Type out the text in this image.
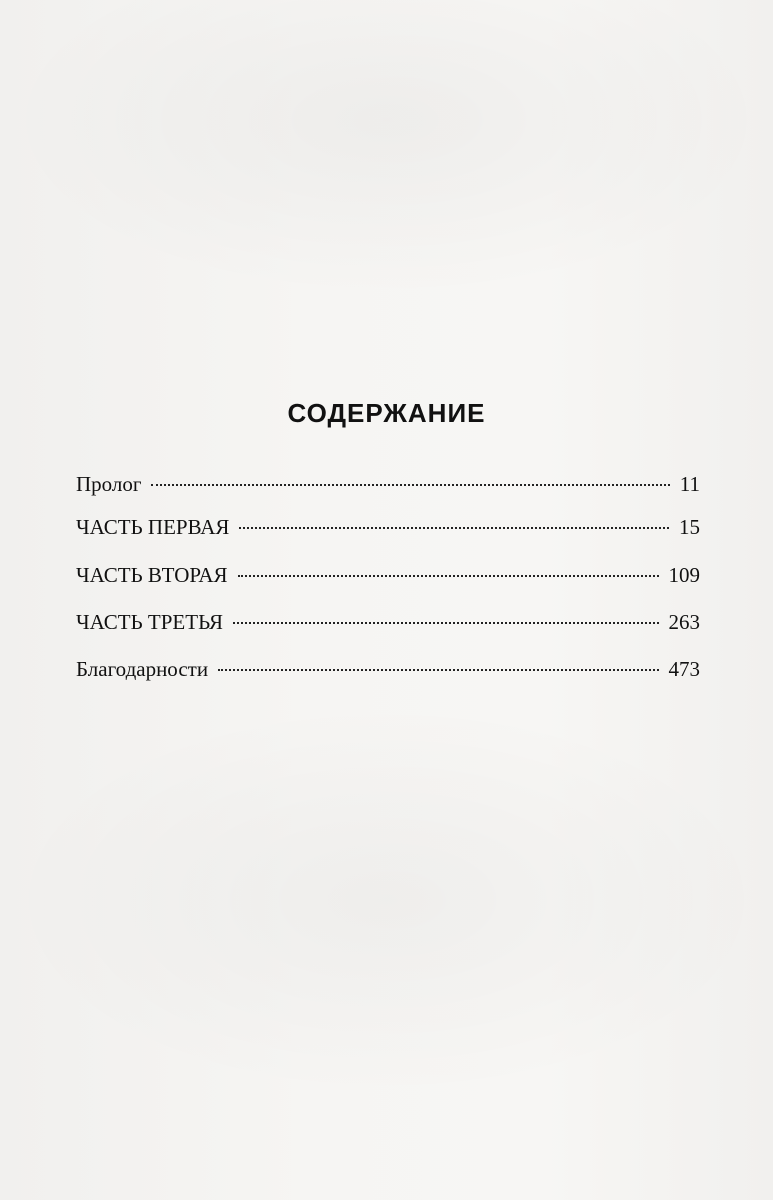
СОДЕРЖАНИЕ
Пролог	11
ЧАСТЬ ПЕРВАЯ	15
ЧАСТЬ ВТОРАЯ	109
ЧАСТЬ ТРЕТЬЯ	263
Благодарности	473
